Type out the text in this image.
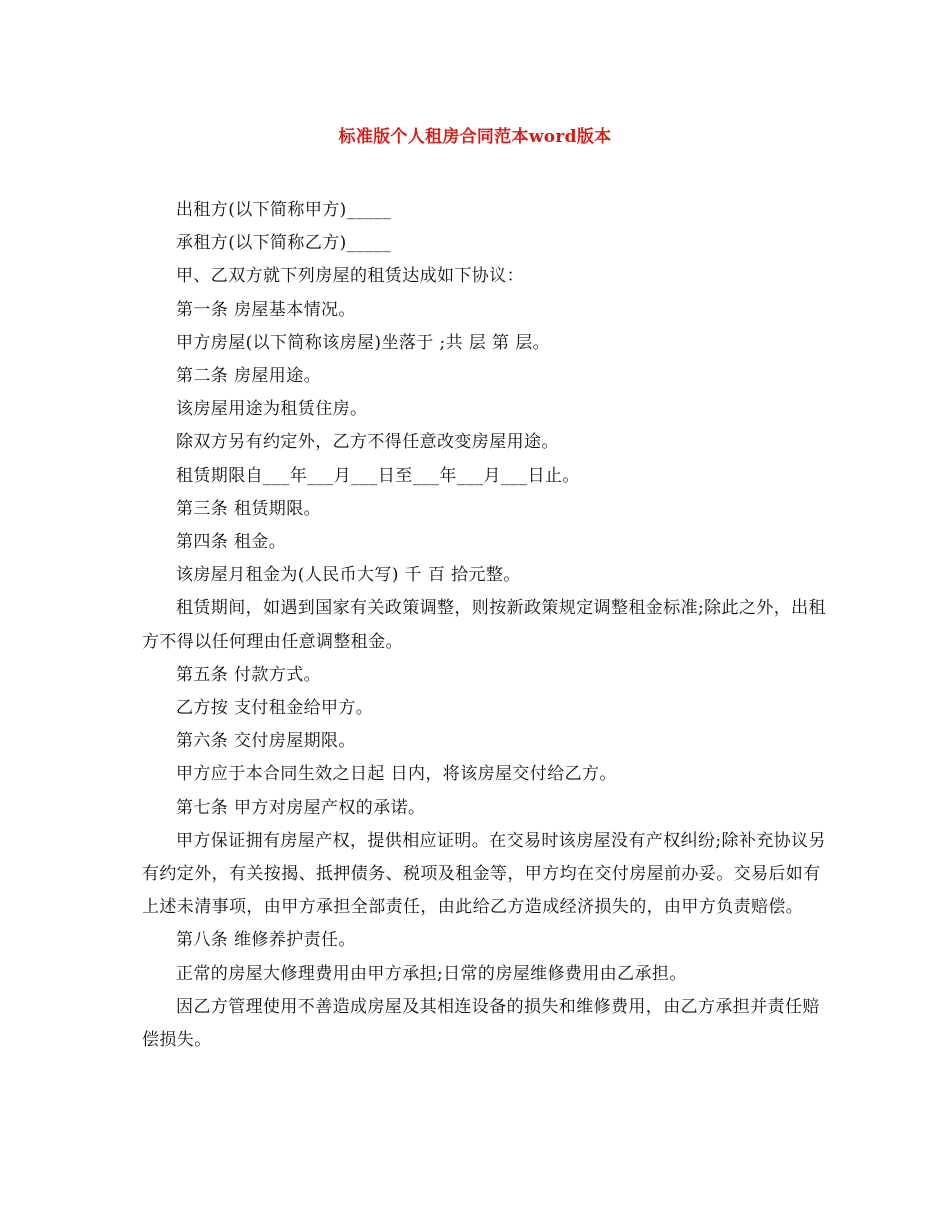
标准版个人租房合同范本word版本

出租方(以下简称甲方)_____

承租方(以下简称乙方)_____

甲、乙双方就下列房屋的租赁达成如下协议：

第一条 房屋基本情况。

甲方房屋(以下简称该房屋)坐落于 ;共 层 第 层。

第二条 房屋用途。

该房屋用途为租赁住房。

除双方另有约定外，乙方不得任意改变房屋用途。

租赁期限自___年___月___日至___年___月___日止。

第三条 租赁期限。

第四条 租金。

该房屋月租金为(人民币大写) 千 百 拾元整。

租赁期间，如遇到国家有关政策调整，则按新政策规定调整租金标准;除此之外，出租方不得以任何理由任意调整租金。

第五条 付款方式。

乙方按 支付租金给甲方。

第六条 交付房屋期限。

甲方应于本合同生效之日起 日内，将该房屋交付给乙方。

第七条 甲方对房屋产权的承诺。

甲方保证拥有房屋产权，提供相应证明。在交易时该房屋没有产权纠纷;除补充协议另有约定外，有关按揭、抵押债务、税项及租金等，甲方均在交付房屋前办妥。交易后如有上述未清事项，由甲方承担全部责任，由此给乙方造成经济损失的，由甲方负责赔偿。

第八条 维修养护责任。

正常的房屋大修理费用由甲方承担;日常的房屋维修费用由乙承担。

因乙方管理使用不善造成房屋及其相连设备的损失和维修费用，由乙方承担并责任赔偿损失。
